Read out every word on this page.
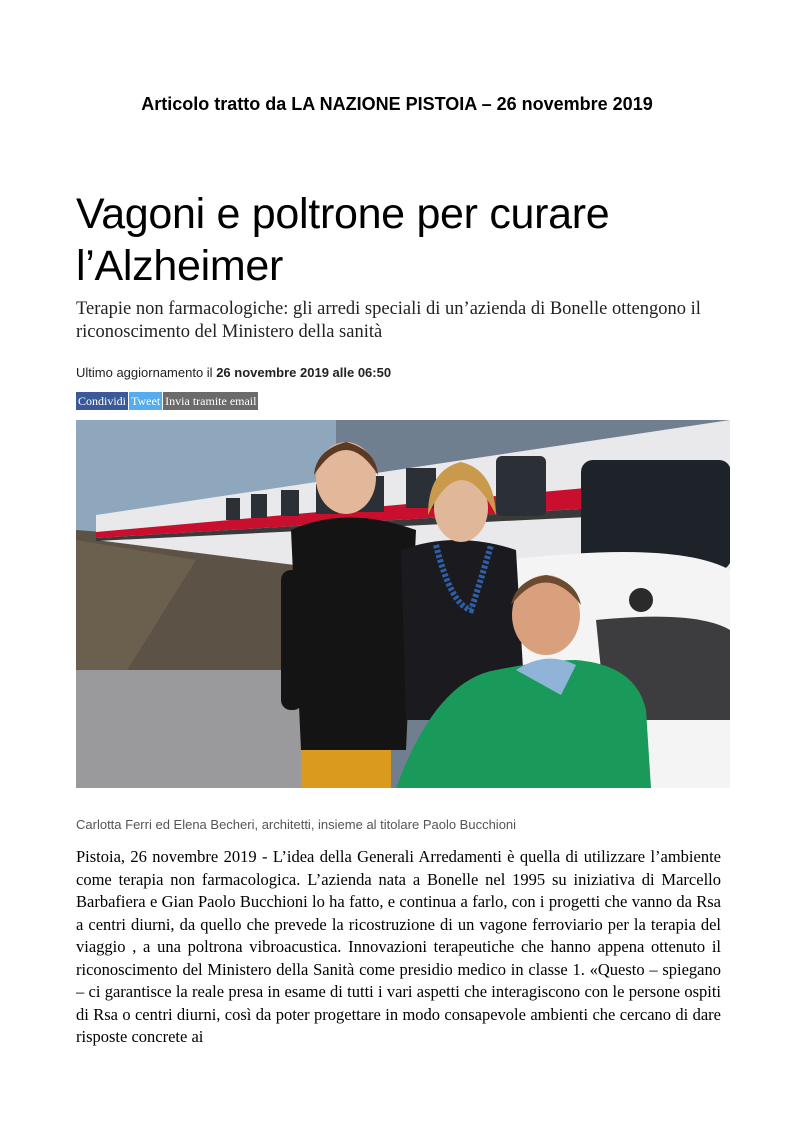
Articolo tratto da LA NAZIONE PISTOIA – 26 novembre 2019
Vagoni e poltrone per curare l’Alzheimer

Terapie non farmacologiche: gli arredi speciali di un’azienda di Bonelle ottengono il riconoscimento del Ministero della sanità

Ultimo aggiornamento il 26 novembre 2019 alle 06:50
Condividi Tweet Invia tramite email
Carlotta Ferri ed Elena Becheri, architetti, insieme al titolare Paolo Bucchioni

Pistoia, 26 novembre 2019 - L’idea della Generali Arredamenti è quella di utilizzare l’ambiente come terapia non farmacologica. L’azienda nata a Bonelle nel 1995 su iniziativa di Marcello Barbafiera e Gian Paolo Bucchioni lo ha fatto, e continua a farlo, con i progetti che vanno da Rsa a centri diurni, da quello che prevede la ricostruzione di un vagone ferroviario per la terapia del viaggio , a una poltrona vibroacustica. Innovazioni terapeutiche che hanno appena ottenuto il riconoscimento del Ministero della Sanità come presidio medico in classe 1. «Questo – spiegano – ci garantisce la reale presa in esame di tutti i vari aspetti che interagiscono con le persone ospiti di Rsa o centri diurni, così da poter progettare in modo consapevole ambienti che cercano di dare risposte concrete ai
